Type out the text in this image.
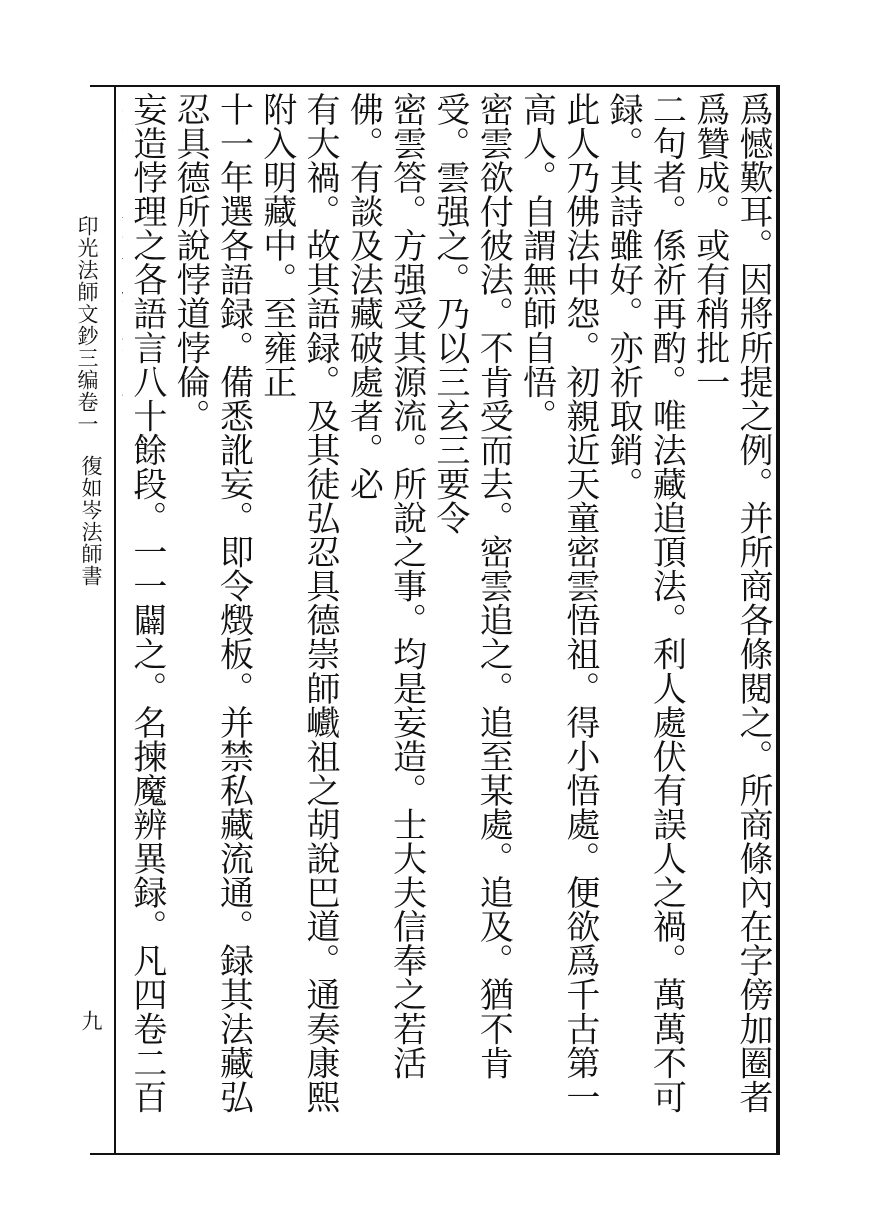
印光法師文鈔三编卷一
復如岑法師書
九	爲憾歎耳。因將所提之例。并所商各條閱之。所商條內在字傍加圈者爲贊成。或有稍批一
二句者。係祈再酌。唯法藏追頂法。利人處伏有誤人之禍。萬萬不可録。其詩雖好。亦祈取銷。
此人乃佛法中怨。初親近天童密雲悟祖。得小悟處。便欲爲千古第一高人。自謂無師自悟。
密雲欲付彼法。不肯受而去。密雲追之。追至某處。追及。猶不肯受。雲强之。乃以三玄三要令
密雲答。方强受其源流。所說之事。均是妄造。士大夫信奉之若活佛。有談及法藏破處者。必
有大禍。故其語録。及其徒弘忍具德崇師巇祖之胡說巴道。通奏康熙附入明藏中。至雍正
十一年選各語録。備悉訛妄。即令燬板。并禁私藏流通。録其法藏弘忍具德所說悖道悖倫。
妄造悖理之各語言八十餘段。一一闢之。名揀魔辨異録。凡四卷二百
